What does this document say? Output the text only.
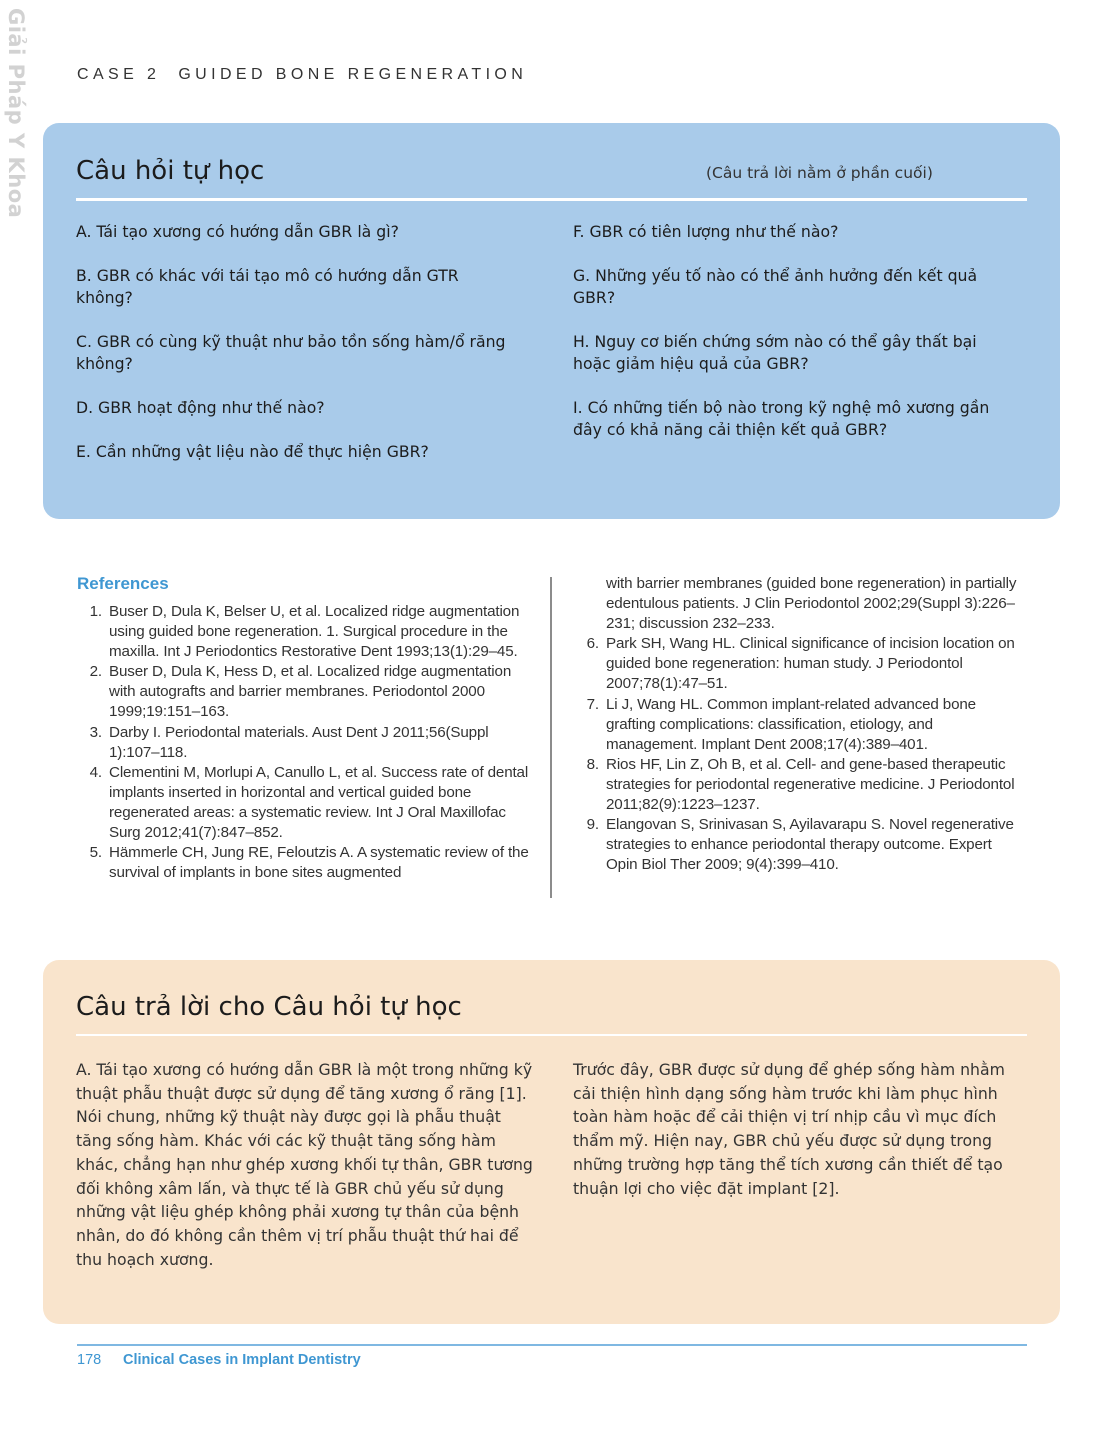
Giải Pháp Y Khoa	CASE 2 GUIDED BONE REGENERATION
Câu hỏi tự học	(Câu trả lời nằm ở phần cuối)

A. Tái tạo xương có hướng dẫn GBR là gì?

B. GBR có khác với tái tạo mô có hướng dẫn GTR không?

C. GBR có cùng kỹ thuật như bảo tồn sống hàm/ổ răng không?

D. GBR hoạt động như thế nào?

E. Cần những vật liệu nào để thực hiện GBR?

F. GBR có tiên lượng như thế nào?

G. Những yếu tố nào có thể ảnh hưởng đến kết quả GBR?

H. Nguy cơ biến chứng sớm nào có thể gây thất bại hoặc giảm hiệu quả của GBR?

I. Có những tiến bộ nào trong kỹ nghệ mô xương gần đây có khả năng cải thiện kết quả GBR?

References
1. Buser D, Dula K, Belser U, et al. Localized ridge augmentation using guided bone regeneration. 1. Surgical procedure in the maxilla. Int J Periodontics Restorative Dent 1993;13(1):29–45.
2. Buser D, Dula K, Hess D, et al. Localized ridge augmentation with autografts and barrier membranes. Periodontol 2000 1999;19:151–163.
3. Darby I. Periodontal materials. Aust Dent J 2011;56(Suppl 1):107–118.
4. Clementini M, Morlupi A, Canullo L, et al. Success rate of dental implants inserted in horizontal and vertical guided bone regenerated areas: a systematic review. Int J Oral Maxillofac Surg 2012;41(7):847–852.
5. Hämmerle CH, Jung RE, Feloutzis A. A systematic review of the survival of implants in bone sites augmented
with barrier membranes (guided bone regeneration) in partially edentulous patients. J Clin Periodontol 2002;29(Suppl 3):226–231; discussion 232–233.
6. Park SH, Wang HL. Clinical significance of incision location on guided bone regeneration: human study. J Periodontol 2007;78(1):47–51.
7. Li J, Wang HL. Common implant-related advanced bone grafting complications: classification, etiology, and management. Implant Dent 2008;17(4):389–401.
8. Rios HF, Lin Z, Oh B, et al. Cell- and gene-based therapeutic strategies for periodontal regenerative medicine. J Periodontol 2011;82(9):1223–1237.
9. Elangovan S, Srinivasan S, Ayilavarapu S. Novel regenerative strategies to enhance periodontal therapy outcome. Expert Opin Biol Ther 2009; 9(4):399–410.
Câu trả lời cho Câu hỏi tự học

A. Tái tạo xương có hướng dẫn GBR là một trong những kỹ thuật phẫu thuật được sử dụng để tăng xương ổ răng [1]. Nói chung, những kỹ thuật này được gọi là phẫu thuật tăng sống hàm. Khác với các kỹ thuật tăng sống hàm khác, chẳng hạn như ghép xương khối tự thân, GBR tương đối không xâm lấn, và thực tế là GBR chủ yếu sử dụng những vật liệu ghép không phải xương tự thân của bệnh nhân, do đó không cần thêm vị trí phẫu thuật thứ hai để thu hoạch xương.

Trước đây, GBR được sử dụng để ghép sống hàm nhằm cải thiện hình dạng sống hàm trước khi làm phục hình toàn hàm hoặc để cải thiện vị trí nhịp cầu vì mục đích thẩm mỹ. Hiện nay, GBR chủ yếu được sử dụng trong những trường hợp tăng thể tích xương cần thiết để tạo thuận lợi cho việc đặt implant [2].

178 Clinical Cases in Implant Dentistry
